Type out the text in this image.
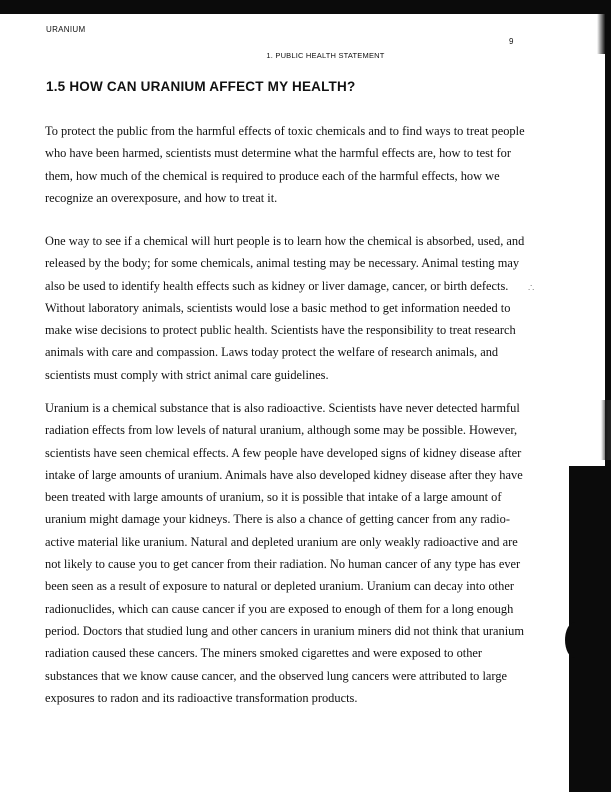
∴
URANIUM
9
1. PUBLIC HEALTH STATEMENT
1.5 HOW CAN URANIUM AFFECT MY HEALTH?
To protect the public from the harmful effects of toxic chemicals and to find ways to treat people
who have been harmed, scientists must determine what the harmful effects are, how to test for
them, how much of the chemical is required to produce each of the harmful effects, how we
recognize an overexposure, and how to treat it.
One way to see if a chemical will hurt people is to learn how the chemical is absorbed, used, and
released by the body; for some chemicals, animal testing may be necessary. Animal testing may
also be used to identify health effects such as kidney or liver damage, cancer, or birth defects.
Without laboratory animals, scientists would lose a basic method to get information needed to
make wise decisions to protect public health. Scientists have the responsibility to treat research
animals with care and compassion. Laws today protect the welfare of research animals, and
scientists must comply with strict animal care guidelines.
Uranium is a chemical substance that is also radioactive. Scientists have never detected harmful
radiation effects from low levels of natural uranium, although some may be possible. However,
scientists have seen chemical effects. A few people have developed signs of kidney disease after
intake of large amounts of uranium. Animals have also developed kidney disease after they have
been treated with large amounts of uranium, so it is possible that intake of a large amount of
uranium might damage your kidneys. There is also a chance of getting cancer from any radio-
active material like uranium. Natural and depleted uranium are only weakly radioactive and are
not likely to cause you to get cancer from their radiation. No human cancer of any type has ever
been seen as a result of exposure to natural or depleted uranium. Uranium can decay into other
radionuclides, which can cause cancer if you are exposed to enough of them for a long enough
period. Doctors that studied lung and other cancers in uranium miners did not think that uranium
radiation caused these cancers. The miners smoked cigarettes and were exposed to other
substances that we know cause cancer, and the observed lung cancers were attributed to large
exposures to radon and its radioactive transformation products.
